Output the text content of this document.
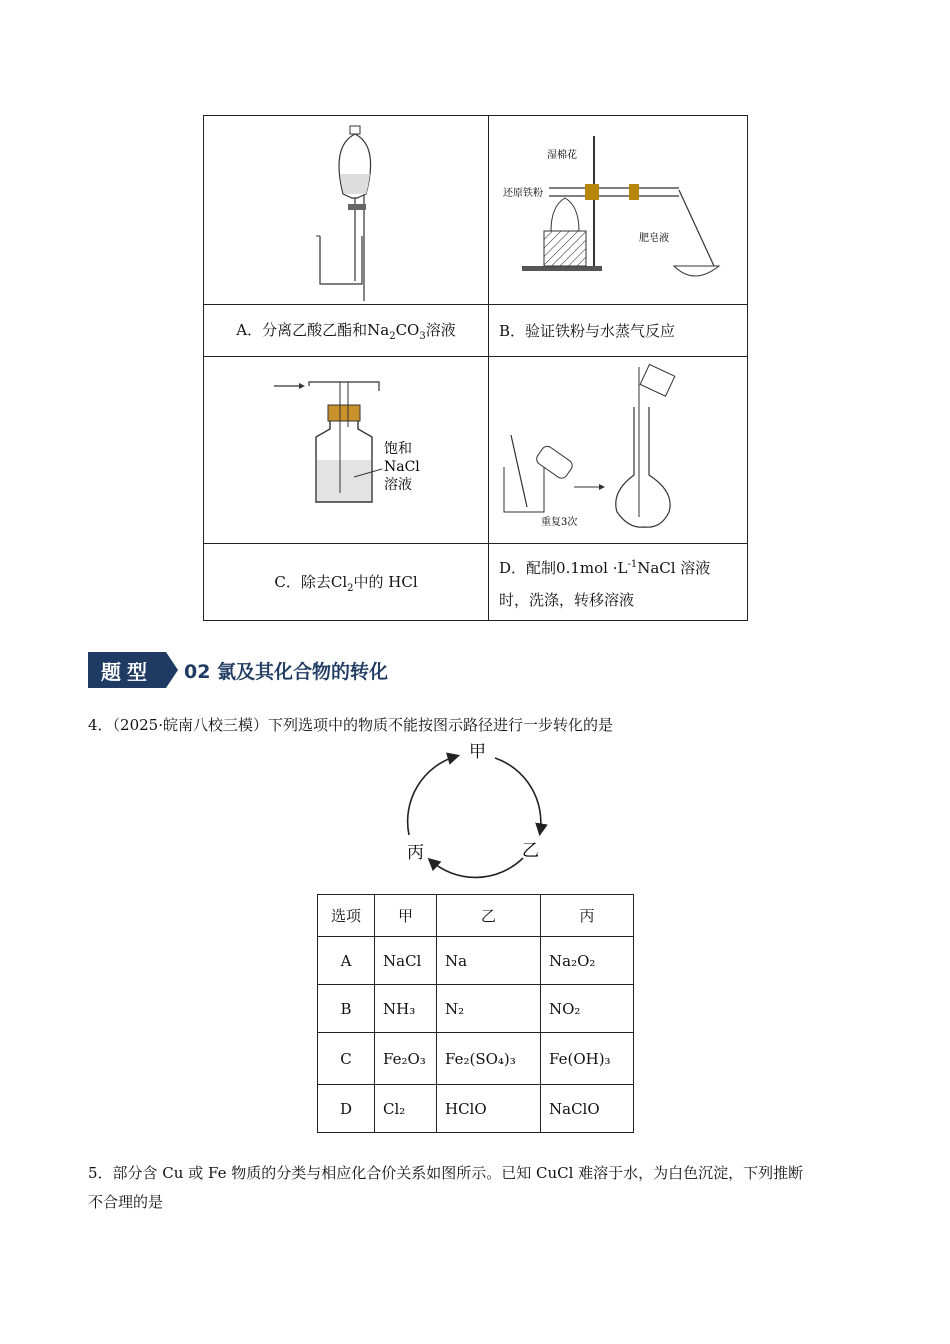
湿棉花
还原铁粉
肥皂液

A．分离乙酸乙酯和$Na_2CO_3$溶液	B．验证铁粉与水蒸气反应

饱和
NaCl
溶液	重复3次

C．除去$Cl_2$中的 HCl	D．配制$0.1mol \cdot L^{-1}NaCl$ 溶液
时，洗涤，转移溶液
题型	02 氯及其化合物的转化
4．（2025·皖南八校三模）下列选项中的物质不能按图示路径进行一步转化的是
甲
乙
丙
选项	甲	乙	丙
A	NaCl	Na	Na₂O₂
B	NH₃	N₂	NO₂
C	Fe₂O₃	Fe₂(SO₄)₃	Fe(OH)₃
D	Cl₂	HClO	NaClO
5．部分含 Cu 或 Fe 物质的分类与相应化合价关系如图所示。已知 CuCl 难溶于水，为白色沉淀，下列推断
不合理的是
